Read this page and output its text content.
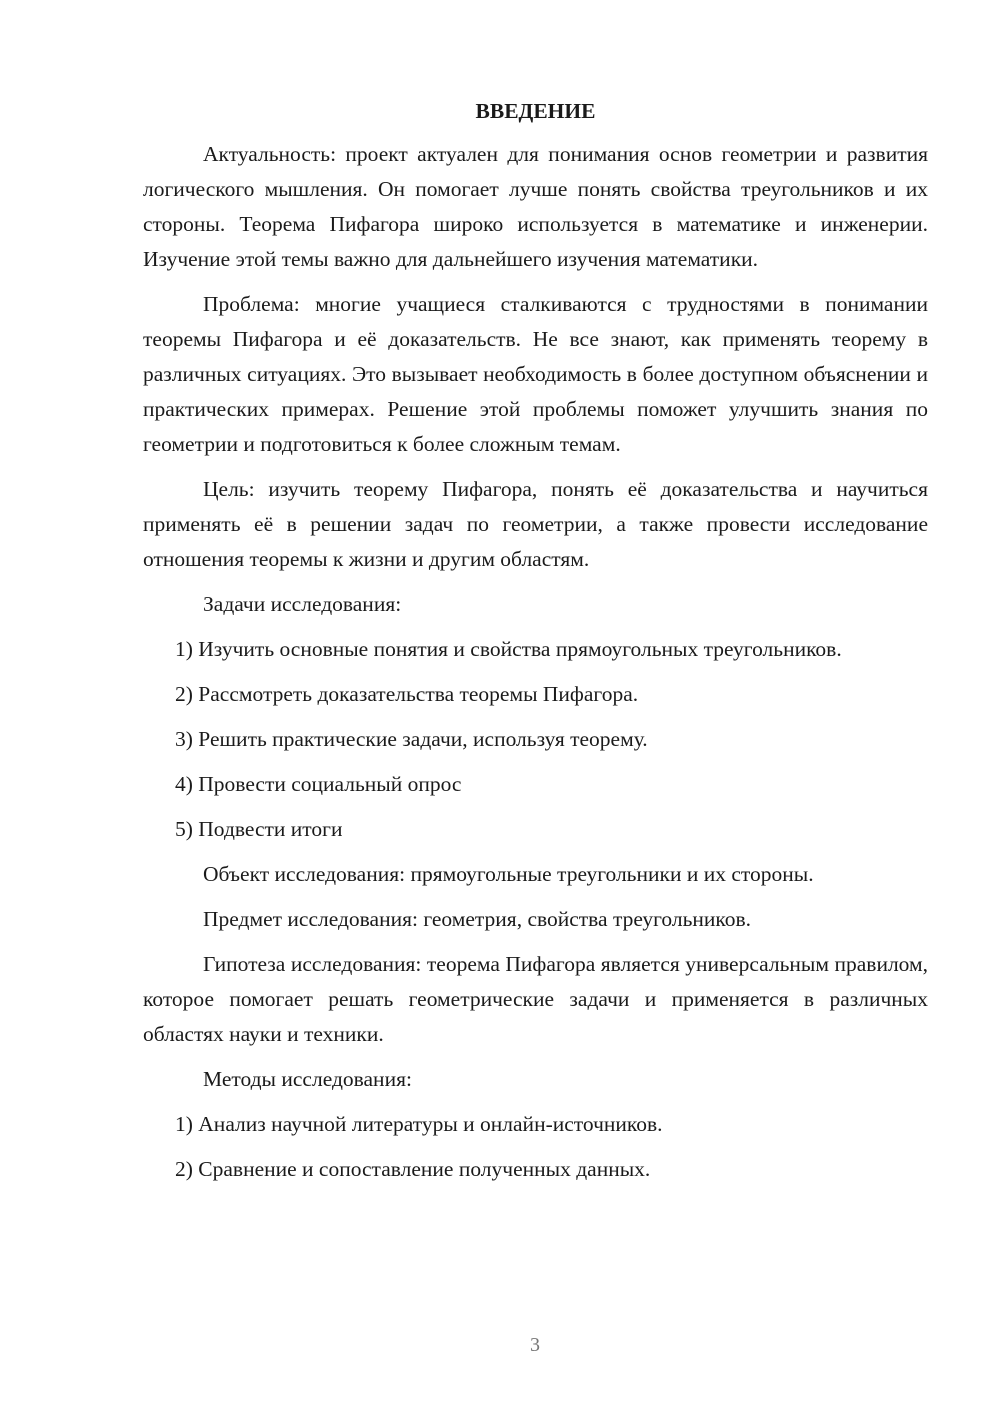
ВВЕДЕНИЕ

Актуальность: проект актуален для понимания основ геометрии и развития логического мышления. Он помогает лучше понять свойства треугольников и их стороны. Теорема Пифагора широко используется в математике и инженерии. Изучение этой темы важно для дальнейшего изучения математики.

Проблема: многие учащиеся сталкиваются с трудностями в понимании теоремы Пифагора и её доказательств. Не все знают, как применять теорему в различных ситуациях. Это вызывает необходимость в более доступном объяснении и практических примерах. Решение этой проблемы поможет улучшить знания по геометрии и подготовиться к более сложным темам.

Цель: изучить теорему Пифагора, понять её доказательства и научиться применять её в решении задач по геометрии, а также провести исследование отношения теоремы к жизни и другим областям.

Задачи исследования:
1) Изучить основные понятия и свойства прямоугольных треугольников.
2) Рассмотреть доказательства теоремы Пифагора.
3) Решить практические задачи, используя теорему.
4) Провести социальный опрос
5) Подвести итоги
Объект исследования: прямоугольные треугольники и их стороны.
Предмет исследования: геометрия, свойства треугольников.

Гипотеза исследования: теорема Пифагора является универсальным правилом, которое помогает решать геометрические задачи и применяется в различных областях науки и техники.

Методы исследования:
1) Анализ научной литературы и онлайн-источников.
2) Сравнение и сопоставление полученных данных.
3
